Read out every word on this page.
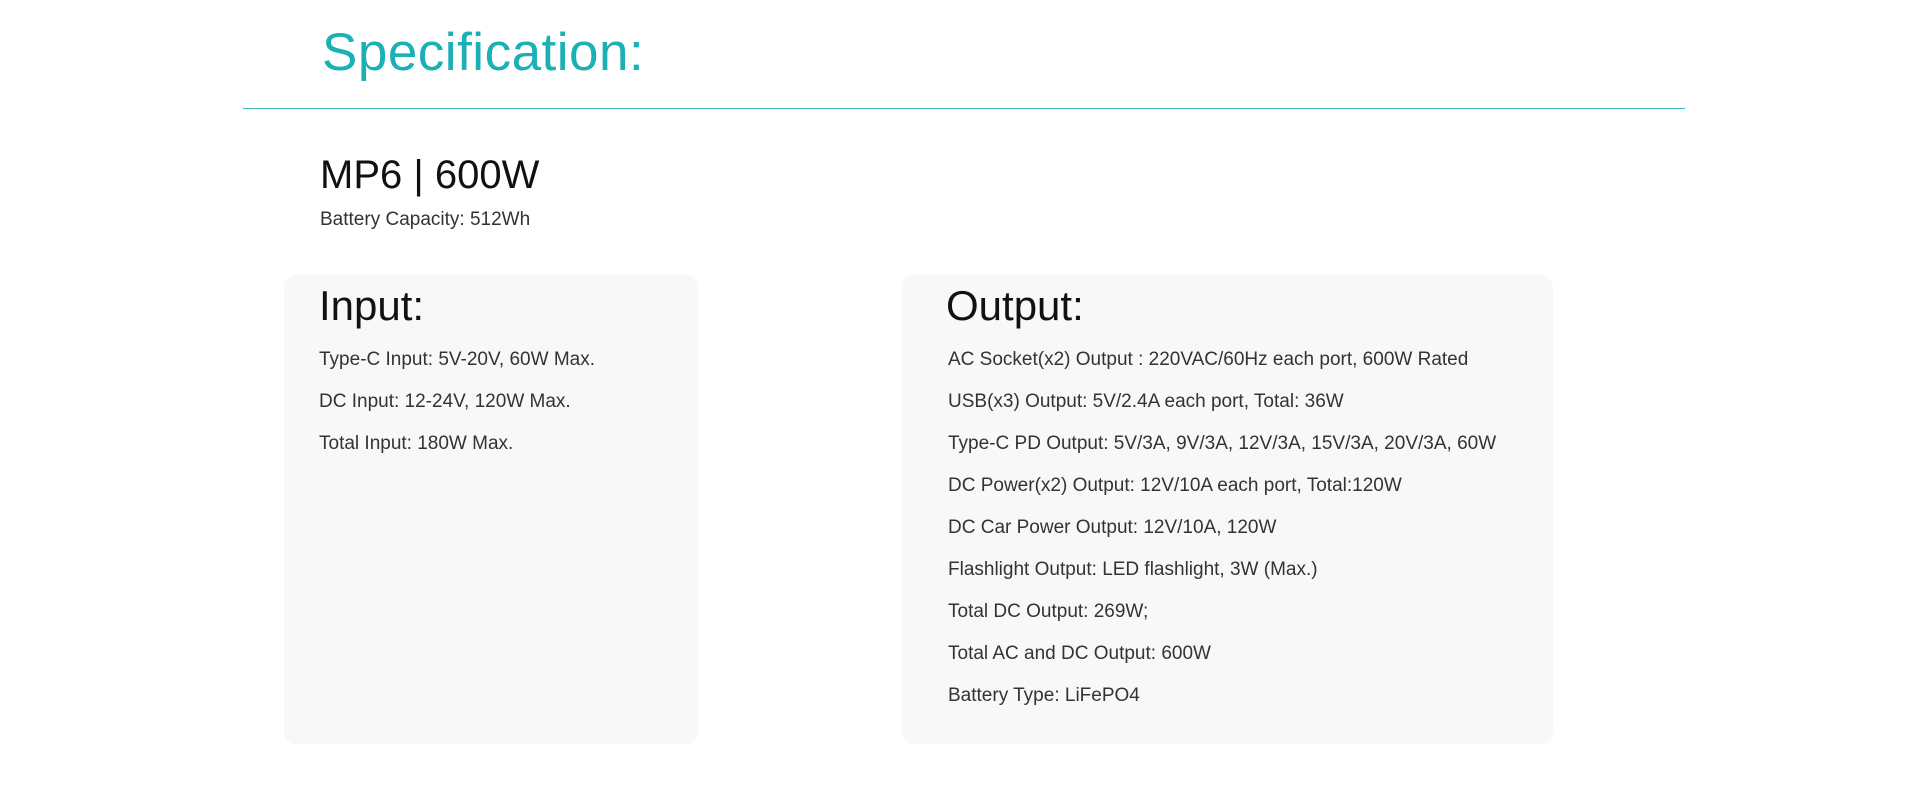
Specification:
MP6 | 600W
Battery Capacity: 512Wh
Input:
Type-C Input: 5V-20V, 60W Max.
DC Input: 12-24V, 120W Max.
Total Input: 180W Max.
Output:
AC Socket(x2) Output : 220VAC/60Hz each port, 600W Rated
USB(x3) Output: 5V/2.4A each port, Total: 36W
Type-C PD Output: 5V/3A, 9V/3A, 12V/3A, 15V/3A, 20V/3A, 60W
DC Power(x2) Output: 12V/10A each port, Total:120W
DC Car Power Output: 12V/10A, 120W
Flashlight Output: LED flashlight, 3W (Max.)
Total DC Output: 269W;
Total AC and DC Output: 600W
Battery Type: LiFePO4
